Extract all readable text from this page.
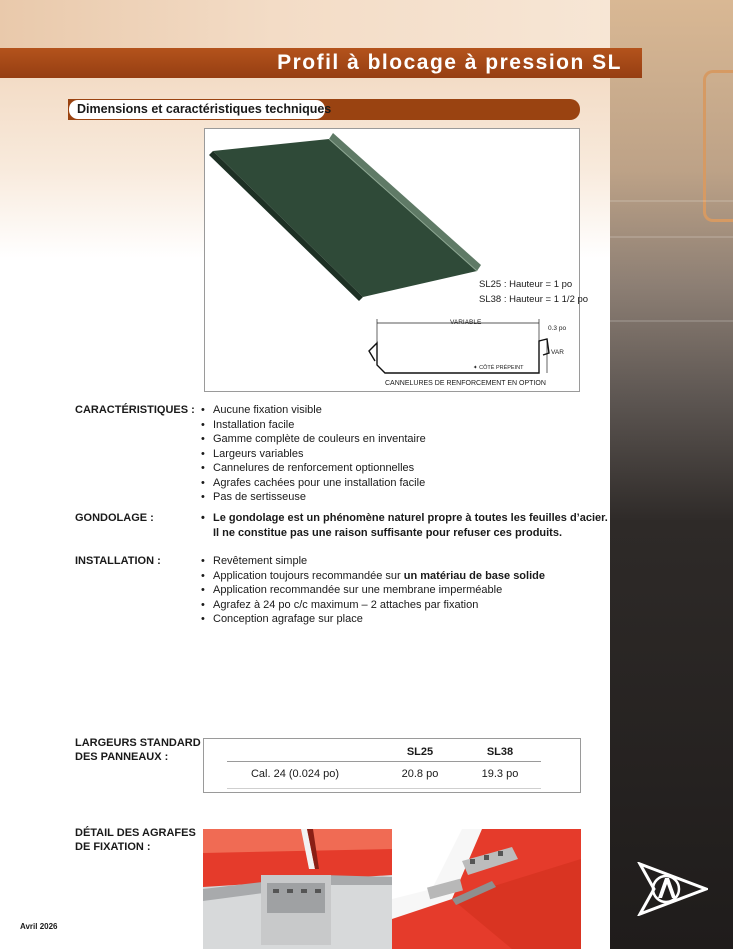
Profil à blocage à pression SL
Dimensions et caractéristiques techniques
SL25 : Hauteur = 1 po
SL38 : Hauteur = 1 1/2 po
VARIABLE
0.3 po
VAR
✦ CÔTÉ PRÉPEINT
CANNELURES DE RENFORCEMENT EN OPTION
CARACTÉRISTIQUES :	• Aucune fixation visible
• Installation facile
• Gamme complète de couleurs en inventaire
• Largeurs variables
• Cannelures de renforcement optionnelles
• Agrafes cachées pour une installation facile
• Pas de sertisseuse
GONDOLAGE :	• Le gondolage est un phénomène naturel propre à toutes les feuilles d’acier.
Il ne constitue pas une raison suffisante pour refuser ces produits.
INSTALLATION :	• Revêtement simple
• Application toujours recommandée sur un matériau de base solide
• Application recommandée sur une membrane imperméable
• Agrafez à 24 po c/c maximum – 2 attaches par fixation
• Conception agrafage sur place
LARGEURS STANDARD
DES PANNEAUX :	SL25	SL38
Cal. 24 (0.024 po)	20.8 po	19.3 po
DÉTAIL DES AGRAFES
DE FIXATION :
Avril 2026
